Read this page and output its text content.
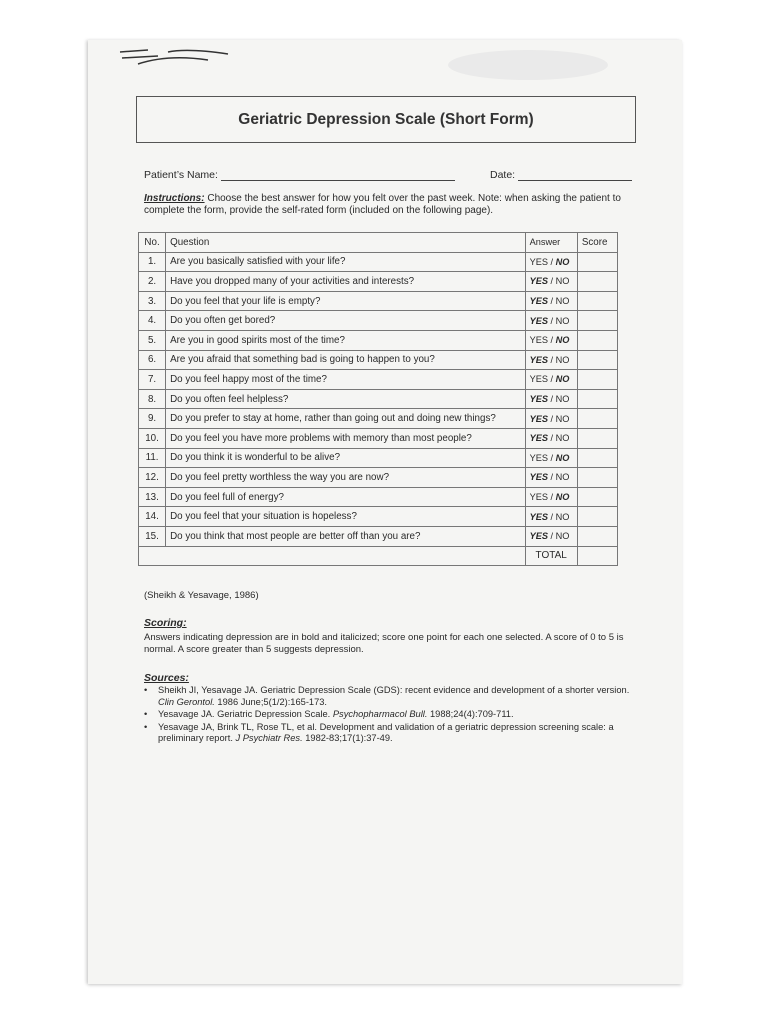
Geriatric Depression Scale (Short Form)
Patient’s Name:	Date:
Instructions: Choose the best answer for how you felt over the past week. Note: when asking the patient to complete the form, provide the self-rated form (included on the following page).
No.	Question	Answer	Score
1.	Are you basically satisfied with your life?	YES / NO	
2.	Have you dropped many of your activities and interests?	YES / NO	
3.	Do you feel that your life is empty?	YES / NO	
4.	Do you often get bored?	YES / NO	
5.	Are you in good spirits most of the time?	YES / NO	
6.	Are you afraid that something bad is going to happen to you?	YES / NO	
7.	Do you feel happy most of the time?	YES / NO	
8.	Do you often feel helpless?	YES / NO	
9.	Do you prefer to stay at home, rather than going out and doing new things?	YES / NO	
10.	Do you feel you have more problems with memory than most people?	YES / NO	
11.	Do you think it is wonderful to be alive?	YES / NO	
12.	Do you feel pretty worthless the way you are now?	YES / NO	
13.	Do you feel full of energy?	YES / NO	
14.	Do you feel that your situation is hopeless?	YES / NO	
15.	Do you think that most people are better off than you are?	YES / NO	
		TOTAL	
(Sheikh & Yesavage, 1986)
Scoring:
Answers indicating depression are in bold and italicized; score one point for each one selected. A score of 0 to 5 is normal. A score greater than 5 suggests depression.
Sources:
• Sheikh JI, Yesavage JA. Geriatric Depression Scale (GDS): recent evidence and development of a shorter version. Clin Gerontol. 1986 June;5(1/2):165-173.
• Yesavage JA. Geriatric Depression Scale. Psychopharmacol Bull. 1988;24(4):709-711.
• Yesavage JA, Brink TL, Rose TL, et al. Development and validation of a geriatric depression screening scale: a preliminary report. J Psychiatr Res. 1982-83;17(1):37-49.
